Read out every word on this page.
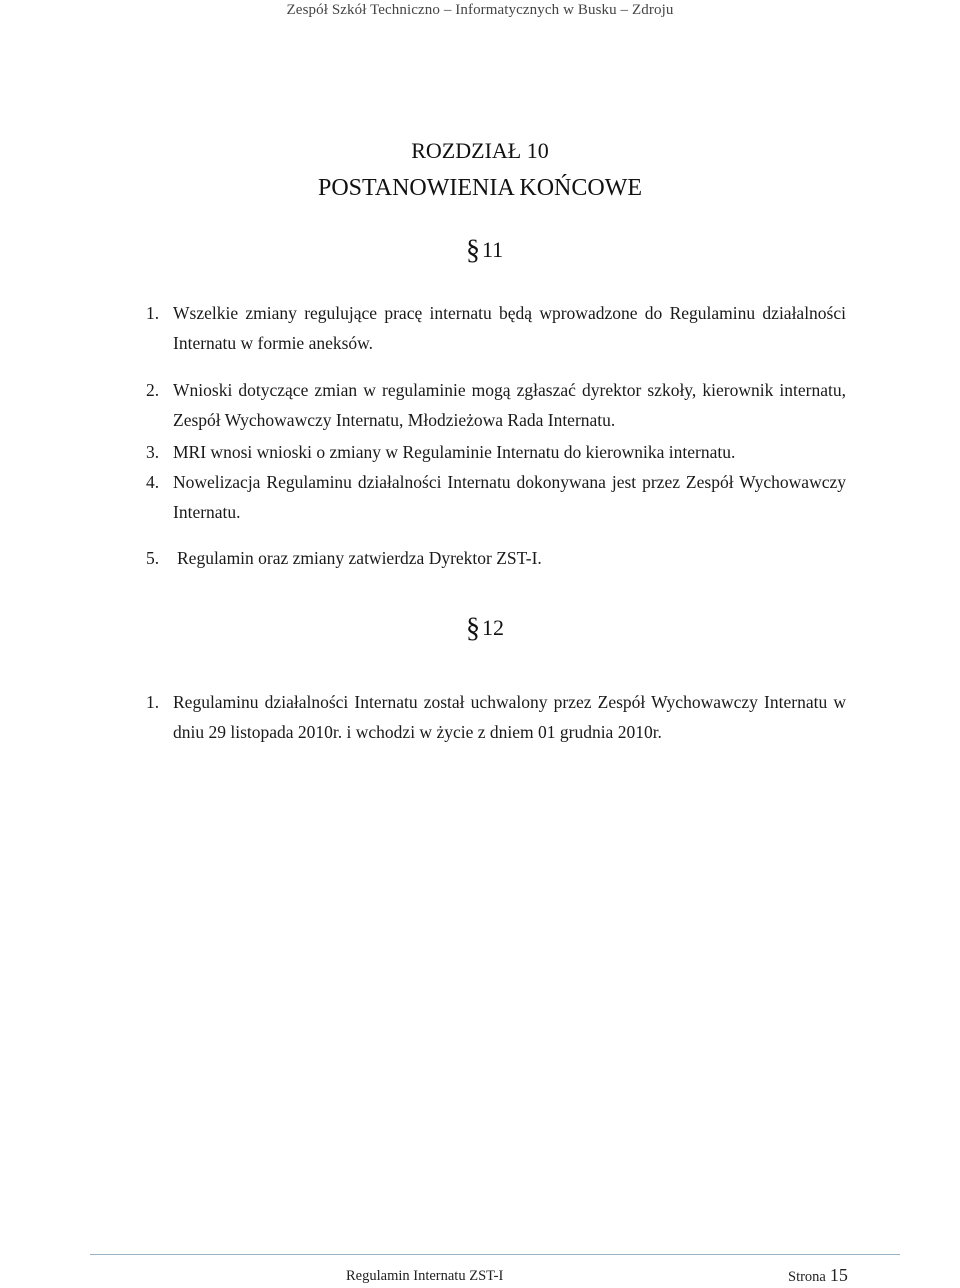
Zespół Szkół Techniczno – Informatycznych w Busku – Zdroju
ROZDZIAŁ 10
POSTANOWIENIA KOŃCOWE
§11
1. Wszelkie zmiany regulujące pracę internatu będą wprowadzone do Regulaminu działalności Internatu w formie aneksów.
2. Wnioski dotyczące zmian w regulaminie mogą zgłaszać dyrektor szkoły, kierownik internatu, Zespół Wychowawczy Internatu, Młodzieżowa Rada Internatu.
3. MRI wnosi wnioski o zmiany w Regulaminie Internatu do kierownika internatu.
4. Nowelizacja Regulaminu działalności Internatu dokonywana jest przez Zespół Wychowawczy Internatu.
5. Regulamin oraz zmiany zatwierdza Dyrektor ZST-I.
§12
1. Regulaminu działalności Internatu został uchwalony przez Zespół Wychowawczy Internatu w dniu 29 listopada 2010r. i wchodzi w życie z dniem 01 grudnia 2010r.
Regulamin Internatu ZST-I	Strona 15
